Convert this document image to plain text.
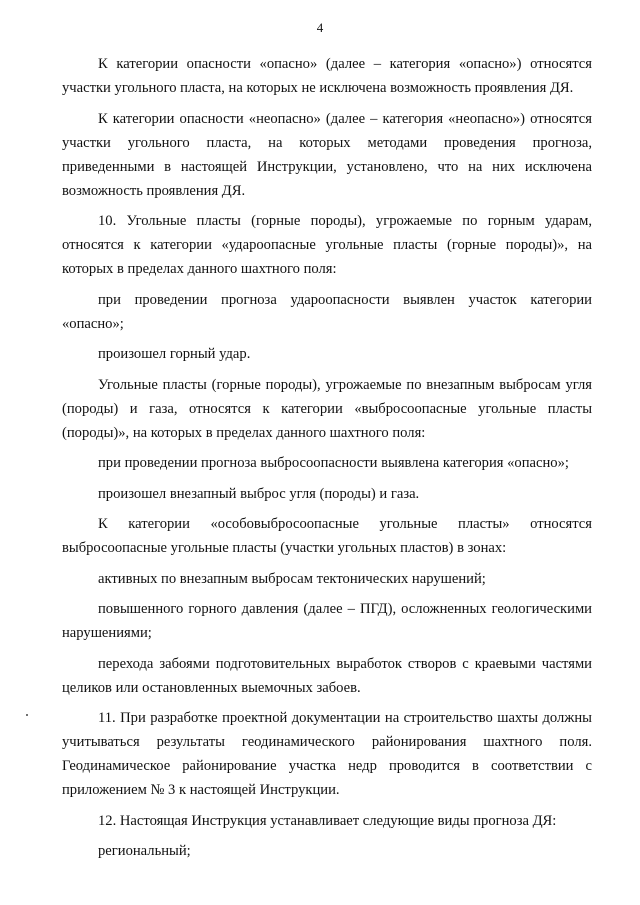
4

К категории опасности «опасно» (далее – категория «опасно») относятся участки угольного пласта, на которых не исключена возможность проявления ДЯ.

К категории опасности «неопасно» (далее – категория «неопасно») относятся участки угольного пласта, на которых методами проведения прогноза, приведенными в настоящей Инструкции, установлено, что на них исключена возможность проявления ДЯ.

10. Угольные пласты (горные породы), угрожаемые по горным ударам, относятся к категории «удароопасные угольные пласты (горные породы)», на которых в пределах данного шахтного поля:

при проведении прогноза удароопасности выявлен участок категории «опасно»;

произошел горный удар.

Угольные пласты (горные породы), угрожаемые по внезапным выбросам угля (породы) и газа, относятся к категории «выбросоопасные угольные пласты (породы)», на которых в пределах данного шахтного поля:

при проведении прогноза выбросоопасности выявлена категория «опасно»;

произошел внезапный выброс угля (породы) и газа.

К категории «особовыбросоопасные угольные пласты» относятся выбросоопасные угольные пласты (участки угольных пластов) в зонах:

активных по внезапным выбросам тектонических нарушений;

повышенного горного давления (далее – ПГД), осложненных геологическими нарушениями;

перехода забоями подготовительных выработок створов с краевыми частями целиков или остановленных выемочных забоев.

11. При разработке проектной документации на строительство шахты должны учитываться результаты геодинамического районирования шахтного поля. Геодинамическое районирование участка недр проводится в соответствии с приложением № 3 к настоящей Инструкции.

12. Настоящая Инструкция устанавливает следующие виды прогноза ДЯ:

региональный;
